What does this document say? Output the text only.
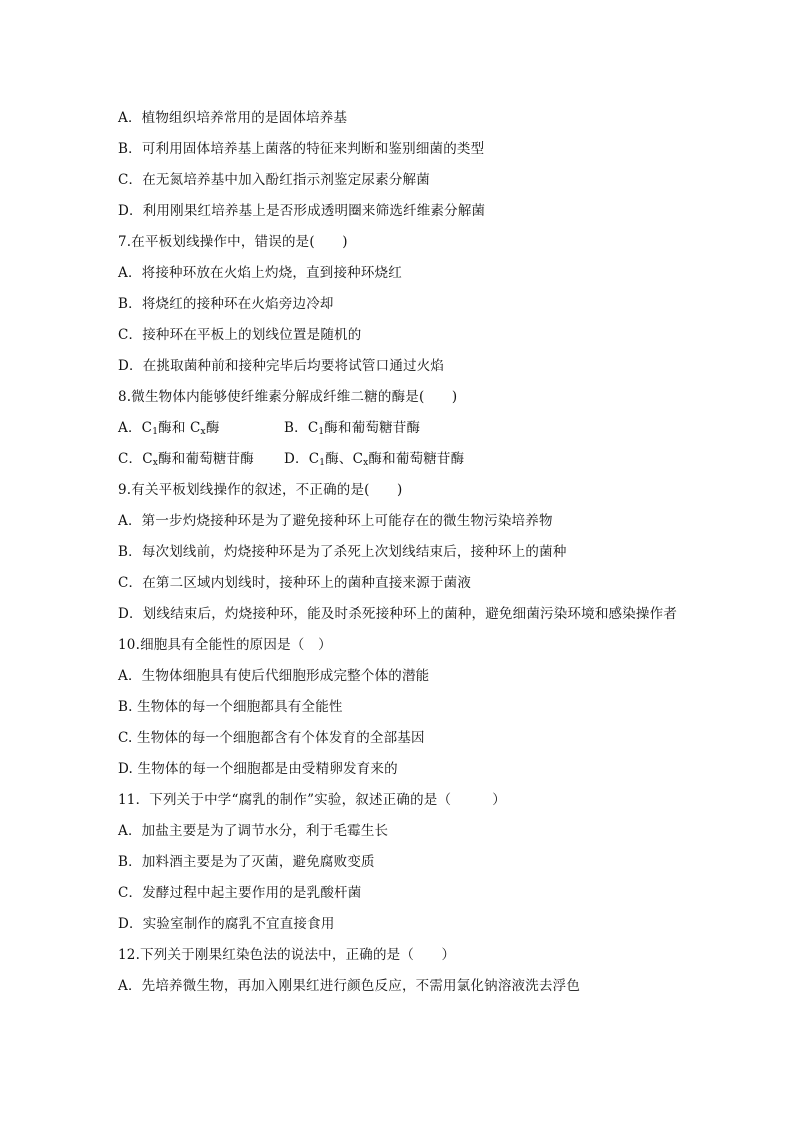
A．植物组织培养常用的是固体培养基
B．可利用固体培养基上菌落的特征来判断和鉴别细菌的类型
C．在无氮培养基中加入酚红指示剂鉴定尿素分解菌
D．利用刚果红培养基上是否形成透明圈来筛选纤维素分解菌
7.在平板划线操作中，错误的是(　　)
A．将接种环放在火焰上灼烧，直到接种环烧红
B．将烧红的接种环在火焰旁边冷却
C．接种环在平板上的划线位置是随机的
D．在挑取菌种前和接种完毕后均要将试管口通过火焰
8.微生物体内能够使纤维素分解成纤维二糖的酶是(　　)
A．$C_1$酶和 $C_x$酶	B．$C_1$酶和葡萄糖苷酶
C．$C_x$酶和葡萄糖苷酶	D．$C_1$酶、$C_x$酶和葡萄糖苷酶
9.有关平板划线操作的叙述，不正确的是(　　)
A．第一步灼烧接种环是为了避免接种环上可能存在的微生物污染培养物
B．每次划线前，灼烧接种环是为了杀死上次划线结束后，接种环上的菌种
C．在第二区域内划线时，接种环上的菌种直接来源于菌液
D．划线结束后，灼烧接种环，能及时杀死接种环上的菌种，避免细菌污染环境和感染操作者
10.细胞具有全能性的原因是（　）
A．生物体细胞具有使后代细胞形成完整个体的潜能
B. 生物体的每一个细胞都具有全能性
C. 生物体的每一个细胞都含有个体发育的全部基因
D. 生物体的每一个细胞都是由受精卵发育来的
11．下列关于中学“腐乳的制作”实验，叙述正确的是（　　　）
A．加盐主要是为了调节水分，利于毛霉生长
B．加料酒主要是为了灭菌，避免腐败变质
C．发酵过程中起主要作用的是乳酸杆菌
D．实验室制作的腐乳不宜直接食用
12.下列关于刚果红染色法的说法中，正确的是（　　）
A．先培养微生物，再加入刚果红进行颜色反应，不需用氯化钠溶液洗去浮色
